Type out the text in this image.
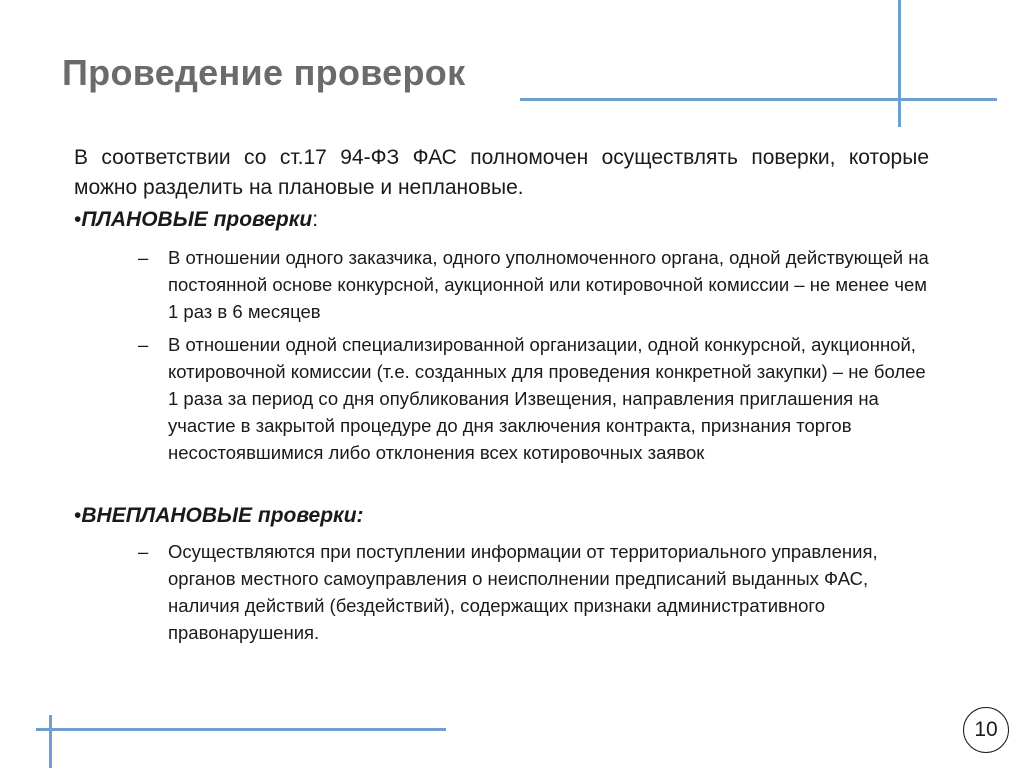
Проведение проверок

В соответствии со ст.17 94-ФЗ ФАС полномочен осуществлять поверки, которые можно разделить на плановые и неплановые.

•ПЛАНОВЫЕ проверки:

–	В отношении одного заказчика, одного уполномоченного органа, одной действующей на постоянной основе конкурсной, аукционной или котировочной комиссии – не менее чем 1 раз в 6 месяцев
–	В отношении одной специализированной организации, одной конкурсной, аукционной, котировочной комиссии (т.е. созданных для проведения конкретной закупки) – не более 1 раза за период со дня опубликования Извещения, направления приглашения на участие в закрытой процедуре до дня заключения контракта, признания торгов несостоявшимися либо отклонения всех котировочных заявок

•ВНЕПЛАНОВЫЕ проверки:

–	Осуществляются при поступлении информации от территориального управления, органов местного самоуправления о неисполнении предписаний выданных ФАС, наличия действий (бездействий), содержащих признаки административного правонарушения.
10
